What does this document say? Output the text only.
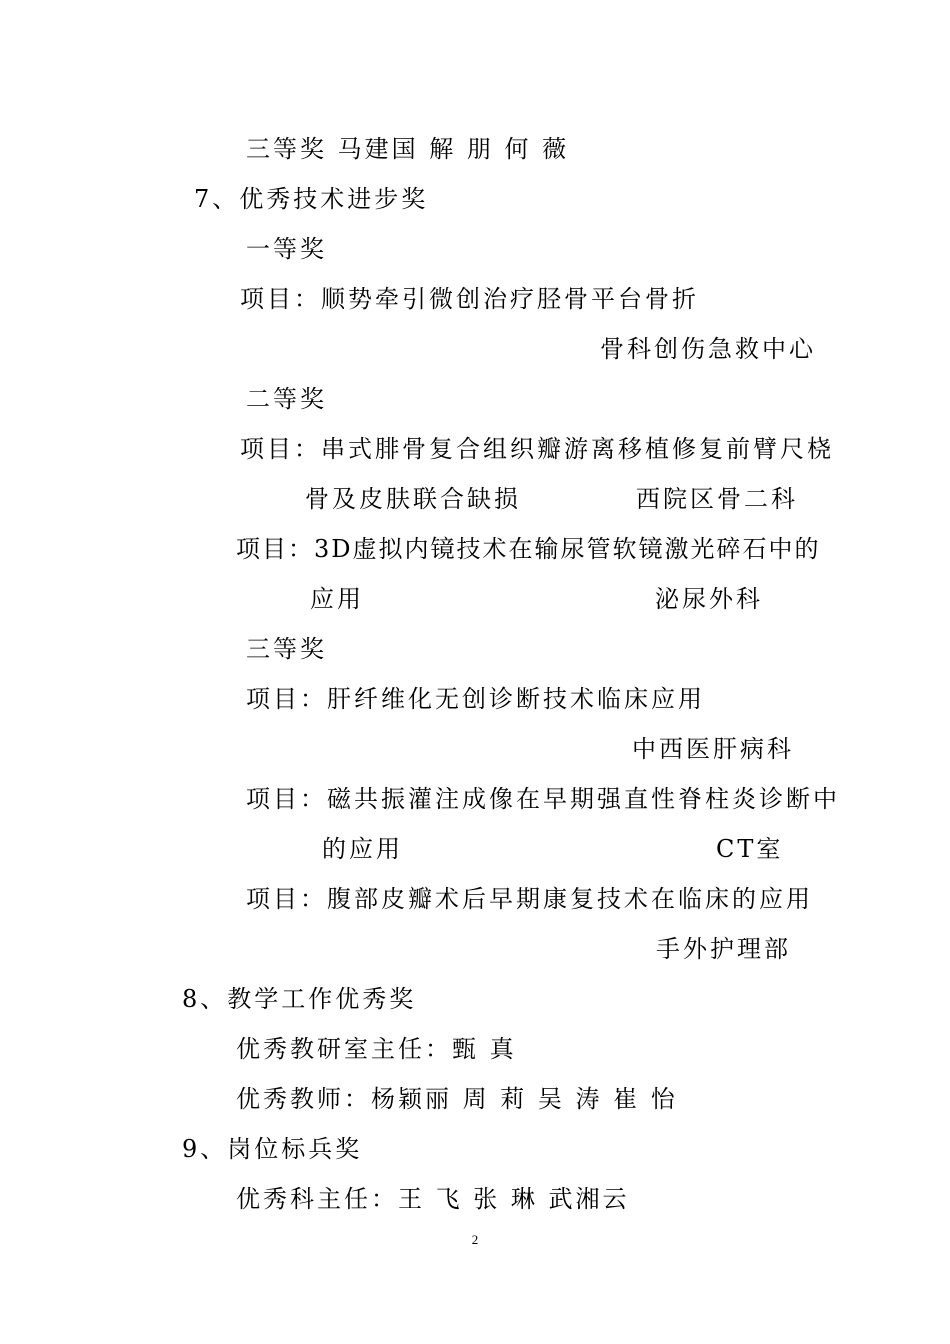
三等奖 马建国 解 朋 何 薇
7、优秀技术进步奖
一等奖
项目：顺势牵引微创治疗胫骨平台骨折
骨科创伤急救中心
二等奖
项目：串式腓骨复合组织瓣游离移植修复前臂尺桡
骨及皮肤联合缺损	西院区骨二科
项目：3D虚拟内镜技术在输尿管软镜激光碎石中的
应用	泌尿外科
三等奖
项目：肝纤维化无创诊断技术临床应用
中西医肝病科
项目：磁共振灌注成像在早期强直性脊柱炎诊断中
的应用	CT室
项目：腹部皮瓣术后早期康复技术在临床的应用
手外护理部
8、教学工作优秀奖
优秀教研室主任：甄 真
优秀教师：杨颖丽 周 莉 吴 涛 崔 怡
9、岗位标兵奖
优秀科主任：王 飞 张 琳 武湘云
2
